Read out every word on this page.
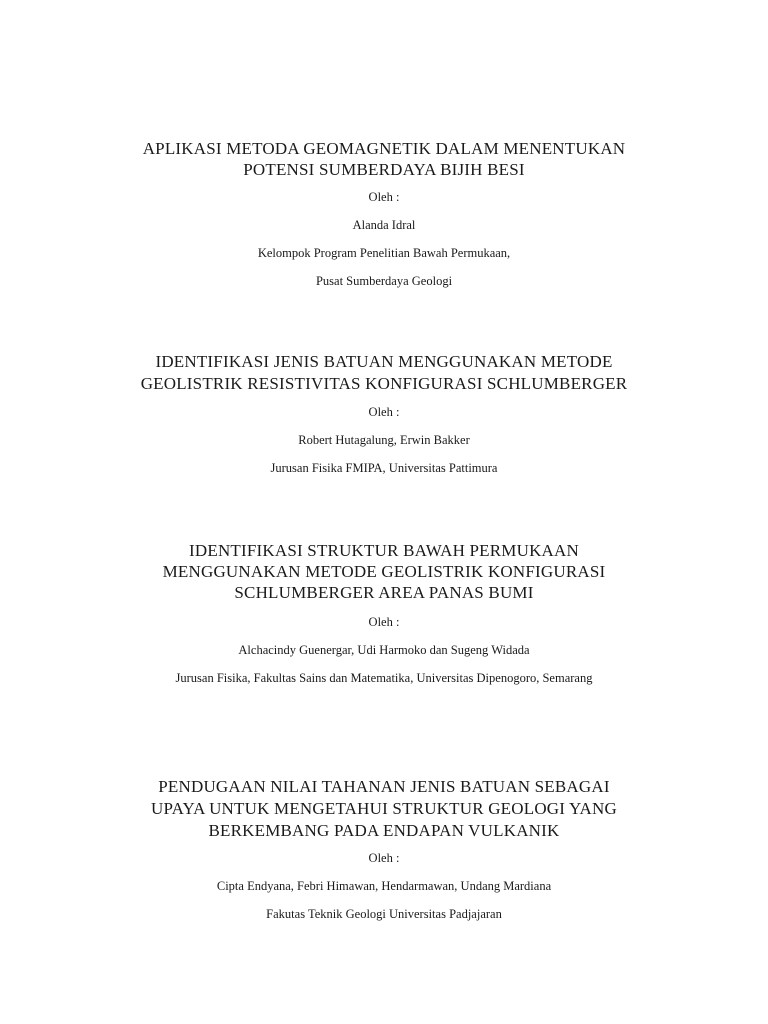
APLIKASI METODA GEOMAGNETIK DALAM MENENTUKAN
POTENSI SUMBERDAYA BIJIH BESI
Oleh :
Alanda Idral
Kelompok Program Penelitian Bawah Permukaan,
Pusat Sumberdaya Geologi
IDENTIFIKASI JENIS BATUAN MENGGUNAKAN METODE
GEOLISTRIK RESISTIVITAS KONFIGURASI SCHLUMBERGER
Oleh :
Robert Hutagalung, Erwin Bakker
Jurusan Fisika FMIPA, Universitas Pattimura
IDENTIFIKASI STRUKTUR BAWAH PERMUKAAN
MENGGUNAKAN METODE GEOLISTRIK KONFIGURASI
SCHLUMBERGER AREA PANAS BUMI
Oleh :
Alchacindy Guenergar, Udi Harmoko dan Sugeng Widada
Jurusan Fisika, Fakultas Sains dan Matematika, Universitas Dipenogoro, Semarang
PENDUGAAN NILAI TAHANAN JENIS BATUAN SEBAGAI
UPAYA UNTUK MENGETAHUI STRUKTUR GEOLOGI YANG
BERKEMBANG PADA ENDAPAN VULKANIK
Oleh :
Cipta Endyana, Febri Himawan, Hendarmawan, Undang Mardiana
Fakutas Teknik Geologi Universitas Padjajaran
